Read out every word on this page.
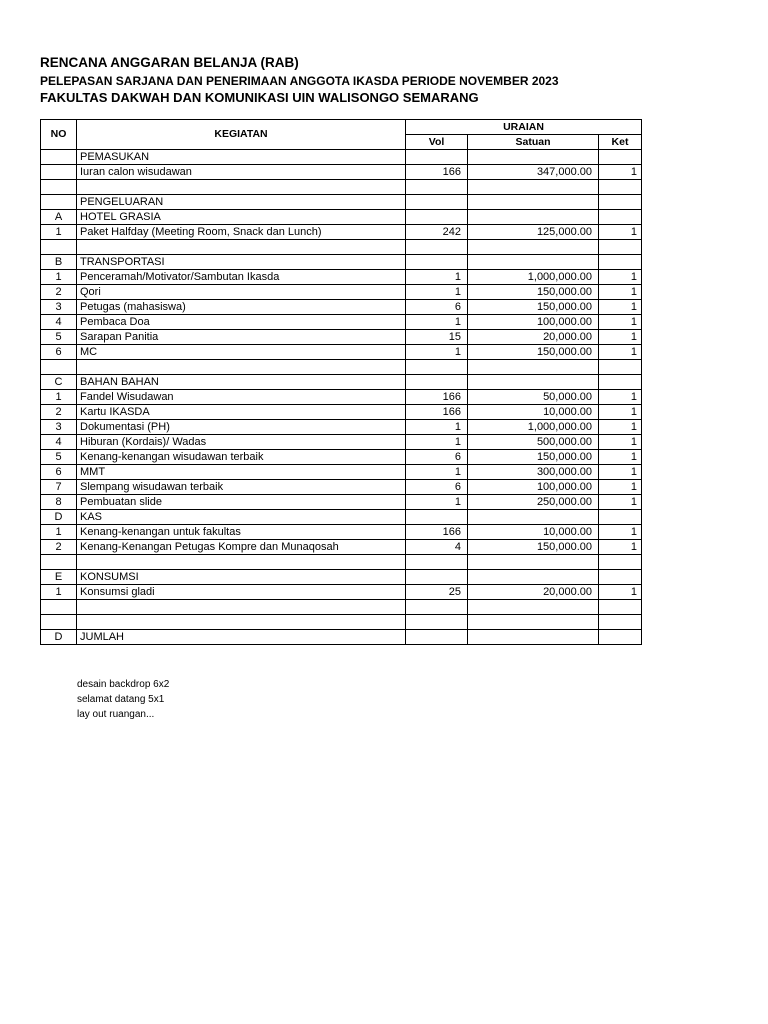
RENCANA ANGGARAN BELANJA (RAB)
PELEPASAN SARJANA DAN PENERIMAAN ANGGOTA IKASDA PERIODE NOVEMBER 2023
FAKULTAS DAKWAH DAN KOMUNIKASI UIN WALISONGO SEMARANG
NO	KEGIATAN	URAIAN		
		Vol	Satuan	Ket
	PEMASUKAN			
	Iuran calon wisudawan	166	347,000.00	1

	PENGELUARAN			
A	HOTEL GRASIA			
1	Paket Halfday (Meeting Room, Snack dan Lunch)	242	125,000.00	1

B	TRANSPORTASI			
1	Penceramah/Motivator/Sambutan Ikasda	1	1,000,000.00	1
2	Qori	1	150,000.00	1
3	Petugas (mahasiswa)	6	150,000.00	1
4	Pembaca Doa	1	100,000.00	1
5	Sarapan Panitia	15	20,000.00	1
6	MC	1	150,000.00	1

C	BAHAN BAHAN			
1	Fandel Wisudawan	166	50,000.00	1
2	Kartu IKASDA	166	10,000.00	1
3	Dokumentasi (PH)	1	1,000,000.00	1
4	Hiburan (Kordais)/ Wadas	1	500,000.00	1
5	Kenang-kenangan wisudawan terbaik	6	150,000.00	1
6	MMT	1	300,000.00	1
7	Slempang wisudawan terbaik	6	100,000.00	1
8	Pembuatan slide	1	250,000.00	1
D	KAS			
1	Kenang-kenangan untuk fakultas	166	10,000.00	1
2	Kenang-Kenangan Petugas Kompre dan Munaqosah	4	150,000.00	1

E	KONSUMSI			
1	Konsumsi gladi	25	20,000.00	1

D	JUMLAH			
desain backdrop 6x2
selamat datang 5x1
lay out ruangan...
